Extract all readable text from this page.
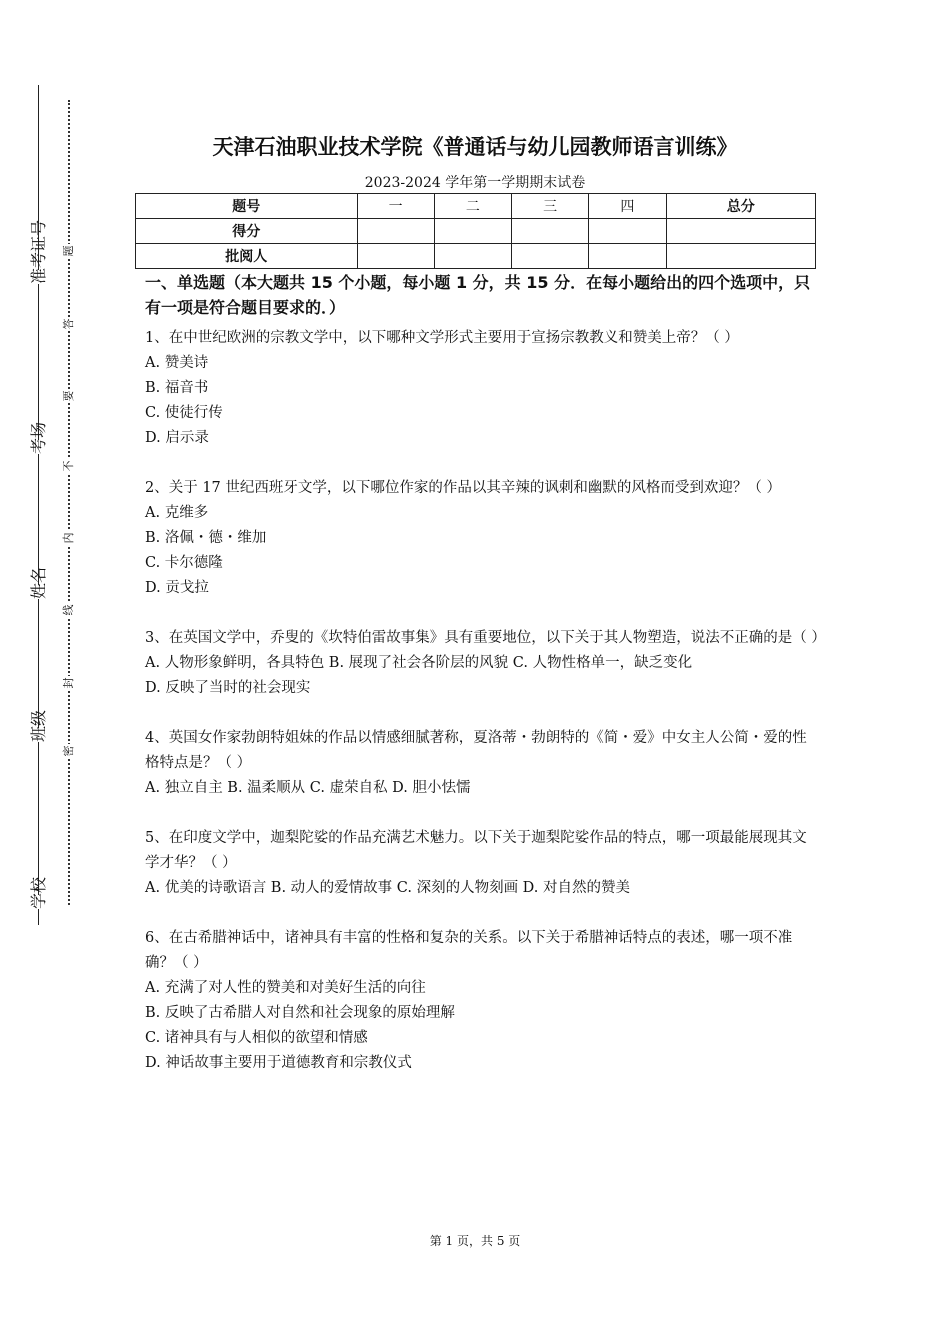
准考证号
考场
姓名
班级
学校
题
答
要
不
内
线
封
密
天津石油职业技术学院《普通话与幼儿园教师语言训练》
2023-2024 学年第一学期期末试卷
题号	一	二	三	四	总分
得分					
批阅人					
一、单选题（本大题共 15 个小题，每小题 1 分，共 15 分．在每小题给出的四个选项中，只有一项是符合题目要求的．）

1、在中世纪欧洲的宗教文学中，以下哪种文学形式主要用于宣扬宗教教义和赞美上帝？（ ）

A. 赞美诗

B. 福音书

C. 使徒行传

D. 启示录

2、关于 17 世纪西班牙文学，以下哪位作家的作品以其辛辣的讽刺和幽默的风格而受到欢迎？（ ）

A. 克维多

B. 洛佩・德・维加

C. 卡尔德隆

D. 贡戈拉

3、在英国文学中，乔叟的《坎特伯雷故事集》具有重要地位，以下关于其人物塑造，说法不正确的是（ ）

A. 人物形象鲜明，各具特色 B. 展现了社会各阶层的风貌 C. 人物性格单一，缺乏变化

D. 反映了当时的社会现实

4、英国女作家勃朗特姐妹的作品以情感细腻著称，夏洛蒂・勃朗特的《简・爱》中女主人公简・爱的性格特点是？（ ）

A. 独立自主 B. 温柔顺从 C. 虚荣自私 D. 胆小怯懦

5、在印度文学中，迦梨陀娑的作品充满艺术魅力。以下关于迦梨陀娑作品的特点，哪一项最能展现其文学才华？（ ）

A. 优美的诗歌语言 B. 动人的爱情故事 C. 深刻的人物刻画 D. 对自然的赞美

6、在古希腊神话中，诸神具有丰富的性格和复杂的关系。以下关于希腊神话特点的表述，哪一项不准确？（ ）

A. 充满了对人性的赞美和对美好生活的向往

B. 反映了古希腊人对自然和社会现象的原始理解

C. 诸神具有与人相似的欲望和情感

D. 神话故事主要用于道德教育和宗教仪式

第 1 页，共 5 页
